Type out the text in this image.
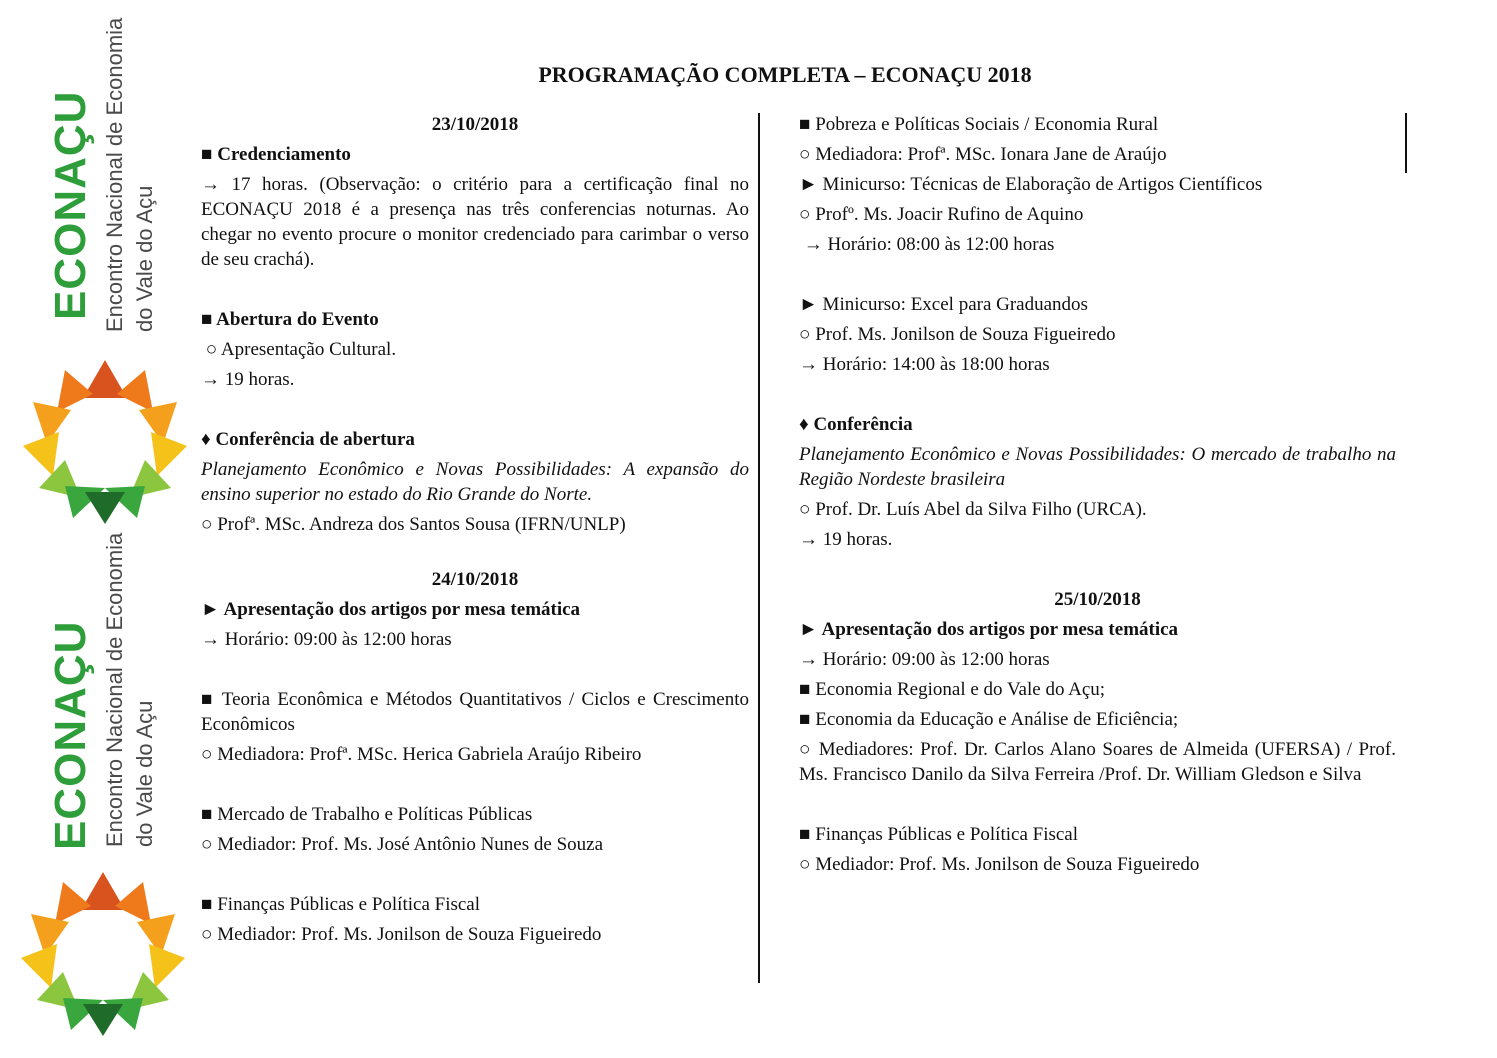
ECONAÇU Encontro Nacional de Economia do Vale do Açu
ECONAÇU Encontro Nacional de Economia do Vale do Açu
PROGRAMAÇÃO COMPLETA – ECONAÇU 2018

23/10/2018

■ Credenciamento

→ 17 horas. (Observação: o critério para a certificação final no ECONAÇU 2018 é a presença nas três conferencias noturnas. Ao chegar no evento procure o monitor credenciado para carimbar o verso de seu crachá).

■ Abertura do Evento

○ Apresentação Cultural.

→ 19 horas.

♦ Conferência de abertura

Planejamento Econômico e Novas Possibilidades: A expansão do ensino superior no estado do Rio Grande do Norte.

○ Profª. MSc. Andreza dos Santos Sousa (IFRN/UNLP)

24/10/2018

► Apresentação dos artigos por mesa temática

→ Horário: 09:00 às 12:00 horas

■ Teoria Econômica e Métodos Quantitativos / Ciclos e Crescimento Econômicos

○ Mediadora: Profª. MSc. Herica Gabriela Araújo Ribeiro

■ Mercado de Trabalho e Políticas Públicas

○ Mediador: Prof. Ms. José Antônio Nunes de Souza

■ Finanças Públicas e Política Fiscal

○ Mediador: Prof. Ms. Jonilson de Souza Figueiredo

■ Pobreza e Políticas Sociais / Economia Rural

○ Mediadora: Profª. MSc. Ionara Jane de Araújo

► Minicurso: Técnicas de Elaboração de Artigos Científicos

○ Profº. Ms. Joacir Rufino de Aquino

→ Horário: 08:00 às 12:00 horas

► Minicurso: Excel para Graduandos

○ Prof. Ms. Jonilson de Souza Figueiredo

→ Horário: 14:00 às 18:00 horas

♦ Conferência

Planejamento Econômico e Novas Possibilidades: O mercado de trabalho na Região Nordeste brasileira

○ Prof. Dr. Luís Abel da Silva Filho (URCA).

→ 19 horas.

25/10/2018

► Apresentação dos artigos por mesa temática

→ Horário: 09:00 às 12:00 horas

■ Economia Regional e do Vale do Açu;

■ Economia da Educação e Análise de Eficiência;

○ Mediadores: Prof. Dr. Carlos Alano Soares de Almeida (UFERSA) / Prof. Ms. Francisco Danilo da Silva Ferreira /Prof. Dr. William Gledson e Silva

■ Finanças Públicas e Política Fiscal

○ Mediador: Prof. Ms. Jonilson de Souza Figueiredo
